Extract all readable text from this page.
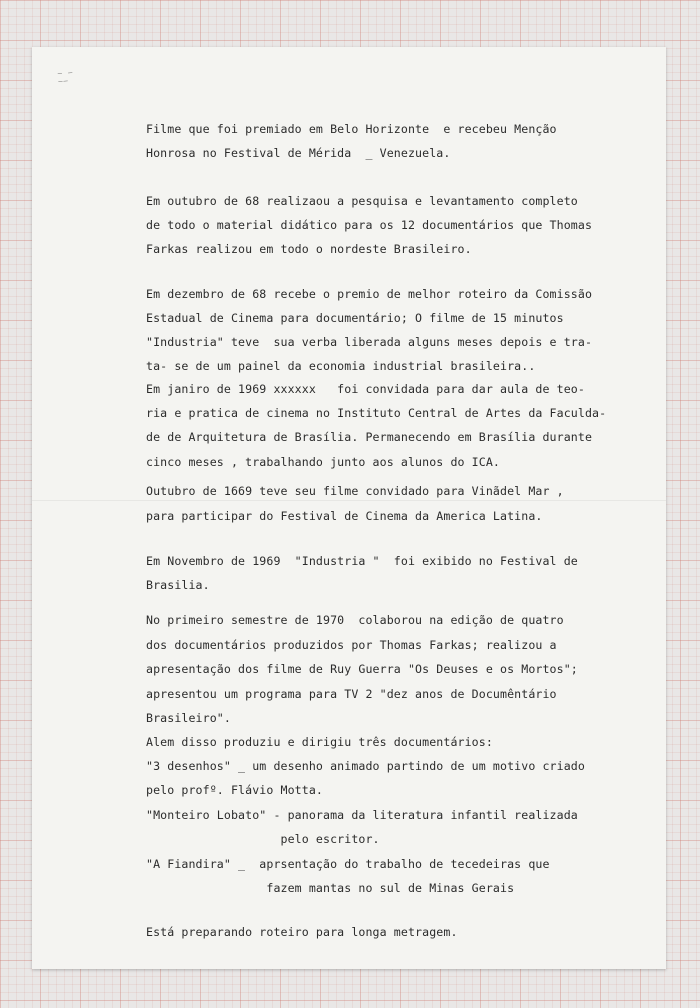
— –
––
Filme que foi premiado em Belo Horizonte  e recebeu Menção
Honrosa no Festival de Mérida  _ Venezuela.
Em outubro de 68 realizaou a pesquisa e levantamento completo
de todo o material didático para os 12 documentários que Thomas
Farkas realizou em todo o nordeste Brasileiro.
Em dezembro de 68 recebe o premio de melhor roteiro da Comissão
Estadual de Cinema para documentário; O filme de 15 minutos
"Industria" teve  sua verba liberada alguns meses depois e tra-
ta- se de um painel da economia industrial brasileira..
Em janiro de 1969 xxxxxx   foi convidada para dar aula de teo-
ria e pratica de cinema no Instituto Central de Artes da Faculda-
de de Arquitetura de Brasília. Permanecendo em Brasília durante
cinco meses , trabalhando junto aos alunos do ICA.
Outubro de 1669 teve seu filme convidado para Vinãdel Mar ,
para participar do Festival de Cinema da America Latina.
Em Novembro de 1969  "Industria "  foi exibido no Festival de
Brasilia.
No primeiro semestre de 1970  colaborou na edição de quatro
dos documentários produzidos por Thomas Farkas; realizou a
apresentação dos filme de Ruy Guerra "Os Deuses e os Mortos";
apresentou um programa para TV 2 "dez anos de Documêntário
Brasileiro".
Alem disso produziu e dirigiu três documentários:
"3 desenhos" _ um desenho animado partindo de um motivo criado
pelo profº. Flávio Motta.
"Monteiro Lobato" - panorama da literatura infantil realizada
pelo escritor.
"A Fiandira" _  aprsentação do trabalho de tecedeiras que
fazem mantas no sul de Minas Gerais
Está preparando roteiro para longa metragem.
